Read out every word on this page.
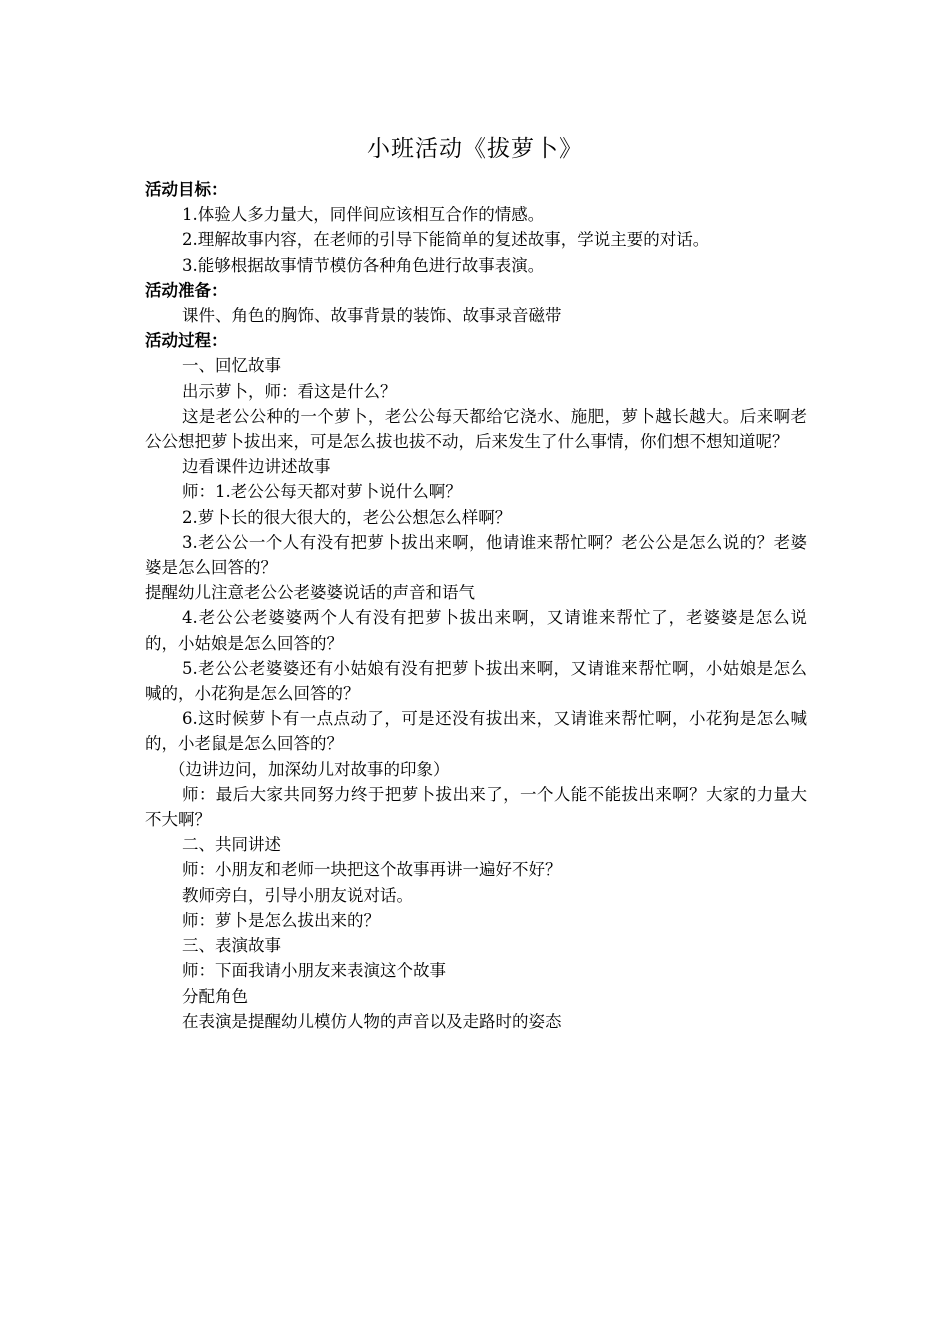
小班活动《拔萝卜》

活动目标：

1.体验人多力量大，同伴间应该相互合作的情感。

2.理解故事内容，在老师的引导下能简单的复述故事，学说主要的对话。

3.能够根据故事情节模仿各种角色进行故事表演。

活动准备：

课件、角色的胸饰、故事背景的装饰、故事录音磁带

活动过程：

一、回忆故事

出示萝卜，师：看这是什么？

这是老公公种的一个萝卜，老公公每天都给它浇水、施肥，萝卜越长越大。后来啊老公公想把萝卜拔出来，可是怎么拔也拔不动，后来发生了什么事情，你们想不想知道呢？

边看课件边讲述故事

师：1.老公公每天都对萝卜说什么啊？

2.萝卜长的很大很大的，老公公想怎么样啊？

3.老公公一个人有没有把萝卜拔出来啊，他请谁来帮忙啊？老公公是怎么说的？老婆婆是怎么回答的？

提醒幼儿注意老公公老婆婆说话的声音和语气

4.老公公老婆婆两个人有没有把萝卜拔出来啊，又请谁来帮忙了，老婆婆是怎么说的，小姑娘是怎么回答的？

5.老公公老婆婆还有小姑娘有没有把萝卜拔出来啊，又请谁来帮忙啊，小姑娘是怎么喊的，小花狗是怎么回答的？

6.这时候萝卜有一点点动了，可是还没有拔出来，又请谁来帮忙啊，小花狗是怎么喊的，小老鼠是怎么回答的？

（边讲边问，加深幼儿对故事的印象）

师：最后大家共同努力终于把萝卜拔出来了，一个人能不能拔出来啊？大家的力量大不大啊？

二、共同讲述

师：小朋友和老师一块把这个故事再讲一遍好不好？

教师旁白，引导小朋友说对话。

师：萝卜是怎么拔出来的？

三、表演故事

师：下面我请小朋友来表演这个故事

分配角色

在表演是提醒幼儿模仿人物的声音以及走路时的姿态
